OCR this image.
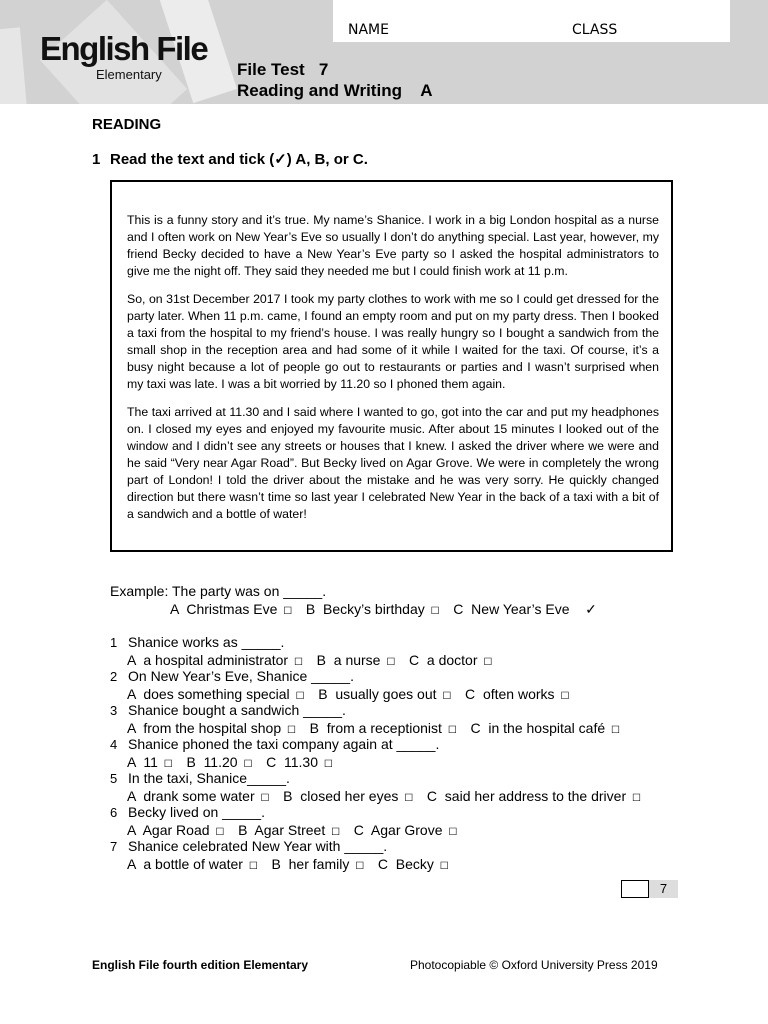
English File
Elementary
NAME	CLASS
File Test   7
Reading and Writing    A
READING
1 Read the text and tick (✓) A, B, or C.

This is a funny story and it’s true. My name’s Shanice. I work in a big London hospital as a nurse and I often work on New Year’s Eve so usually I don’t do anything special. Last year, however, my friend Becky decided to have a New Year’s Eve party so I asked the hospital administrators to give me the night off. They said they needed me but I could finish work at 11 p.m.

So, on 31st December 2017 I took my party clothes to work with me so I could get dressed for the party later. When 11 p.m. came, I found an empty room and put on my party dress. Then I booked a taxi from the hospital to my friend’s house. I was really hungry so I bought a sandwich from the small shop in the reception area and had some of it while I waited for the taxi. Of course, it’s a busy night because a lot of people go out to restaurants or parties and I wasn’t surprised when my taxi was late. I was a bit worried by 11.20 so I phoned them again.

The taxi arrived at 11.30 and I said where I wanted to go, got into the car and put my headphones on. I closed my eyes and enjoyed my favourite music. After about 15 minutes I looked out of the window and I didn’t see any streets or houses that I knew. I asked the driver where we were and he said “Very near Agar Road”. But Becky lived on Agar Grove. We were in completely the wrong part of London! I told the driver about the mistake and he was very sorry. He quickly changed direction but there wasn’t time so last year I celebrated New Year in the back of a taxi with a bit of a sandwich and a bottle of water!

Example: The party was on _____.
A Christmas Eve ☐ B Becky’s birthday ☐ C New Year’s Eve ✓
1 Shanice works as _____.
A a hospital administrator ☐ B a nurse ☐ C a doctor ☐
2 On New Year’s Eve, Shanice _____.
A does something special ☐ B usually goes out ☐ C often works ☐
3 Shanice bought a sandwich _____.
A from the hospital shop ☐ B from a receptionist ☐ C in the hospital café ☐
4 Shanice phoned the taxi company again at _____.
A 11 ☐ B 11.20 ☐ C 11.30 ☐
5 In the taxi, Shanice_____.
A drank some water ☐ B closed her eyes ☐ C said her address to the driver ☐
6 Becky lived on _____.
A Agar Road ☐ B Agar Street ☐ C Agar Grove ☐
7 Shanice celebrated New Year with _____.
A a bottle of water ☐ B her family ☐ C Becky ☐
7
English File fourth edition Elementary	Photocopiable © Oxford University Press 2019
